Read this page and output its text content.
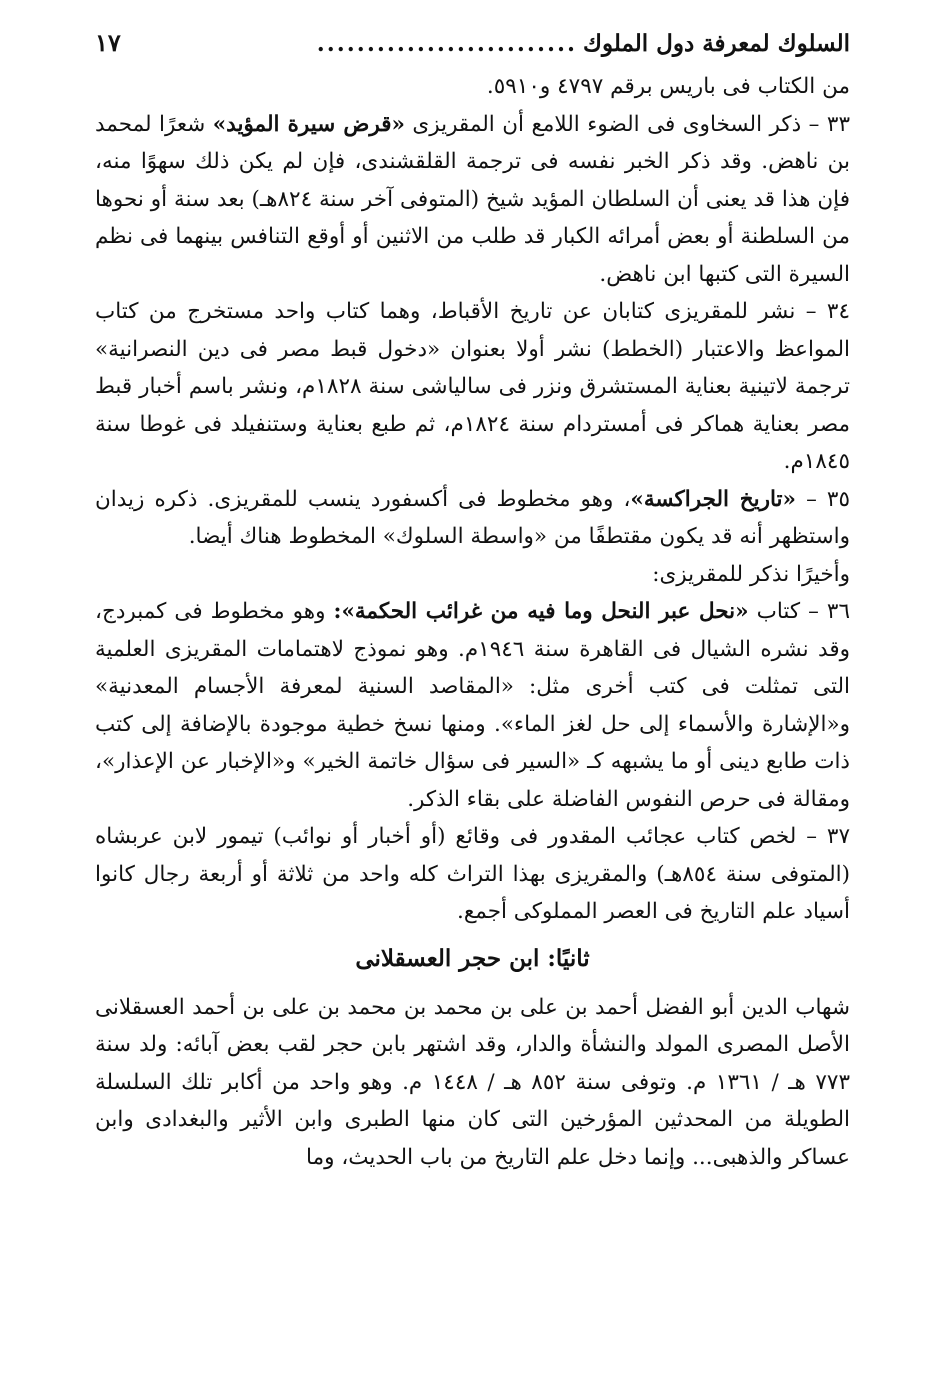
السلوك لمعرفة دول الملوك
..........................
١٧

من الكتاب فى باريس برقم ٤٧٩٧ و٥٩١٠.

٣٣ – ذكر السخاوى فى الضوء اللامع أن المقريزى «قرض سيرة المؤيد» شعرًا لمحمد بن ناهض. وقد ذكر الخبر نفسه فى ترجمة القلقشندى، فإن لم يكن ذلك سهوًا منه، فإن هذا قد يعنى أن السلطان المؤيد شيخ (المتوفى آخر سنة ٨٢٤هـ) بعد سنة أو نحوها من السلطنة أو بعض أمرائه الكبار قد طلب من الاثنين أو أوقع التنافس بينهما فى نظم السيرة التى كتبها ابن ناهض.

٣٤ – نشر للمقريزى كتابان عن تاريخ الأقباط، وهما كتاب واحد مستخرج من كتاب المواعظ والاعتبار (الخطط) نشر أولا بعنوان «دخول قبط مصر فى دين النصرانية» ترجمة لاتينية بعناية المستشرق ونزر فى سالياشى سنة ١٨٢٨م، ونشر باسم أخبار قبط مصر بعناية هماكر فى أمستردام سنة ١٨٢٤م، ثم طبع بعناية وستنفيلد فى غوطا سنة ١٨٤٥م.

٣٥ – «تاريخ الجراكسة»، وهو مخطوط فى أكسفورد ينسب للمقريزى. ذكره زيدان واستظهر أنه قد يكون مقتطفًا من «واسطة السلوك» المخطوط هناك أيضا.

وأخيرًا نذكر للمقريزى:

٣٦ – كتاب «نحل عبر النحل وما فيه من غرائب الحكمة»: وهو مخطوط فى كمبردج، وقد نشره الشيال فى القاهرة سنة ١٩٤٦م. وهو نموذج لاهتمامات المقريزى العلمية التى تمثلت فى كتب أخرى مثل: «المقاصد السنية لمعرفة الأجسام المعدنية» و«الإشارة والأسماء إلى حل لغز الماء». ومنها نسخ خطية موجودة بالإضافة إلى كتب ذات طابع دينى أو ما يشبهه كـ «السير فى سؤال خاتمة الخير» و«الإخبار عن الإعذار»، ومقالة فى حرص النفوس الفاضلة على بقاء الذكر.

٣٧ – لخص كتاب عجائب المقدور فى وقائع (أو أخبار أو نوائب) تيمور لابن عربشاه (المتوفى سنة ٨٥٤هـ) والمقريزى بهذا التراث كله واحد من ثلاثة أو أربعة رجال كانوا أسياد علم التاريخ فى العصر المملوكى أجمع.

ثانيًا: ابن حجر العسقلانى

شهاب الدين أبو الفضل أحمد بن على بن محمد بن محمد بن على بن أحمد العسقلانى الأصل المصرى المولد والنشأة والدار، وقد اشتهر بابن حجر لقب بعض آبائه: ولد سنة ٧٧٣ هـ / ١٣٦١ م. وتوفى سنة ٨٥٢ هـ / ١٤٤٨ م. وهو واحد من أكابر تلك السلسلة الطويلة من المحدثين المؤرخين التى كان منها الطبرى وابن الأثير والبغدادى وابن عساكر والذهبى... وإنما دخل علم التاريخ من باب الحديث، وما
